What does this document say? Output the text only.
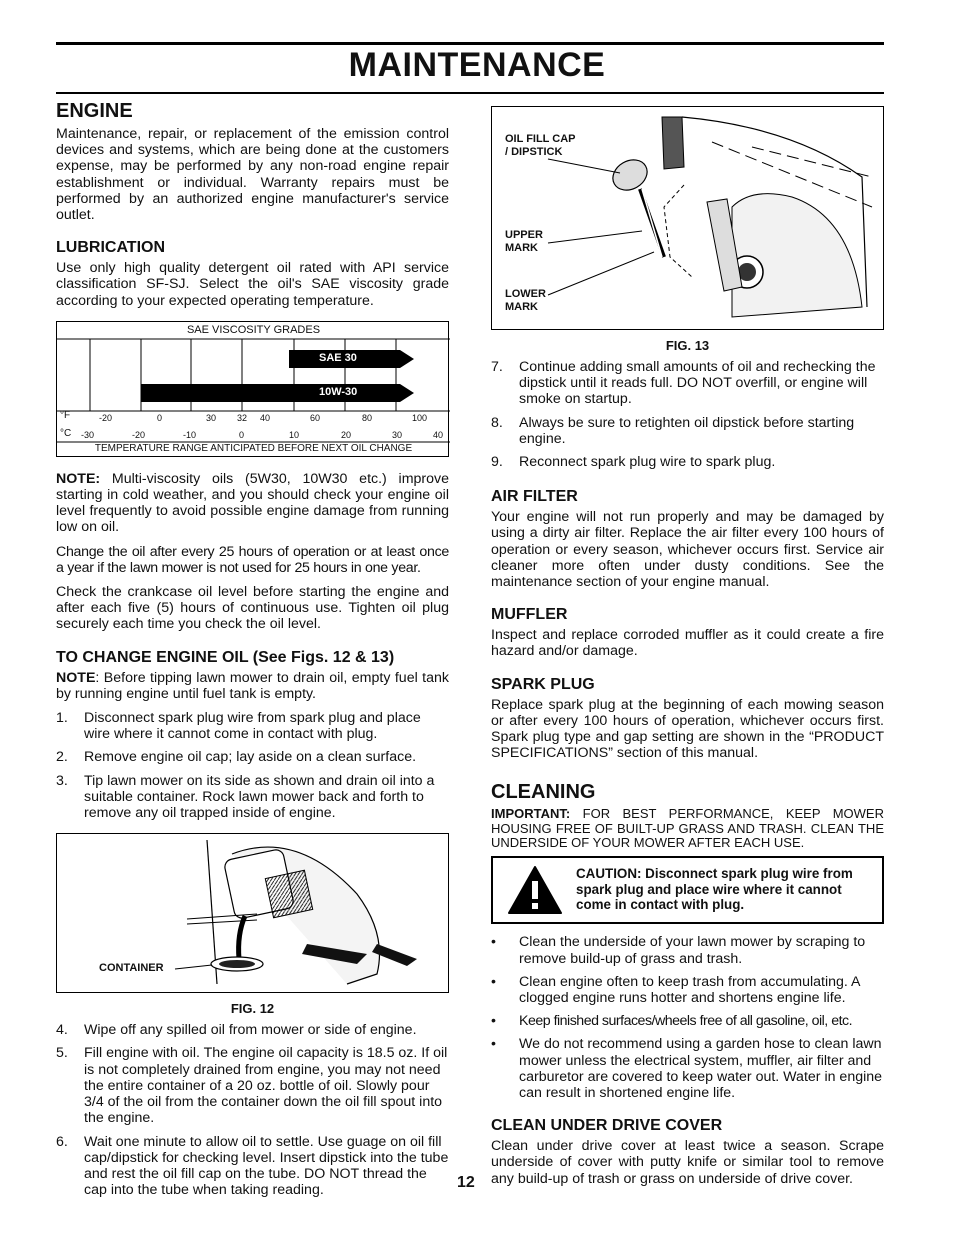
MAINTENANCE
ENGINE

Maintenance, repair, or replacement of the emission control devices and systems, which are being done at the customers expense, may be performed by any non-road engine repair establishment or individual. Warranty repairs must be performed by an authorized engine manufacturer's service outlet.

LUBRICATION

Use only high quality detergent oil rated with API service classification SF-SJ. Select the oil's SAE viscosity grade according to your expected operating temperature.

SAE VISCOSITY GRADES
SAE 30
10W-30
°F
°C
-20	0	30 32 40	60	80	100
-30	-20	-10	0	10	20	30	40
TEMPERATURE RANGE ANTICIPATED BEFORE NEXT OIL CHANGE

NOTE: Multi-viscosity oils (5W30, 10W30 etc.) improve starting in cold weather, and you should check your engine oil level frequently to avoid possible engine damage from running low on oil.

Change the oil after every 25 hours of operation or at least once a year if the lawn mower is not used for 25 hours in one year.

Check the crankcase oil level before starting the engine and after each five (5) hours of continuous use. Tighten oil plug securely each time you check the oil level.

TO CHANGE ENGINE OIL (See Figs. 12 & 13)

NOTE: Before tipping lawn mower to drain oil, empty fuel tank by running engine until fuel tank is empty.

1. Disconnect spark plug wire from spark plug and place wire where it cannot come in contact with plug.
2. Remove engine oil cap; lay aside on a clean surface.
3. Tip lawn mower on its side as shown and drain oil into a suitable container. Rock lawn mower back and forth to remove any oil trapped inside of engine.
CONTAINER
FIG. 12
4. Wipe off any spilled oil from mower or side of engine.
5. Fill engine with oil. The engine oil capacity is 18.5 oz. If oil is not completely drained from engine, you may not need the entire container of a 20 oz. bottle of oil. Slowly pour 3/4 of the oil from the container down the oil fill spout into the engine.
6. Wait one minute to allow oil to settle. Use guage on oil fill cap/dipstick for checking level. Insert dipstick into the tube and rest the oil fill cap on the tube. DO NOT thread the cap into the tube when taking reading.	12
OIL FILL CAP
/ DIPSTICK
UPPER
MARK
LOWER
MARK
FIG. 13
7. Continue adding small amounts of oil and rechecking the dipstick until it reads full. DO NOT overfill, or engine will smoke on startup.
8. Always be sure to retighten oil dipstick before starting engine.
9. Reconnect spark plug wire to spark plug.
AIR FILTER

Your engine will not run properly and may be damaged by using a dirty air filter. Replace the air filter every 100 hours of operation or every season, whichever occurs first. Service air cleaner more often under dusty conditions. See the maintenance section of your engine manual.

MUFFLER

Inspect and replace corroded muffler as it could create a fire hazard and/or damage.

SPARK PLUG

Replace spark plug at the beginning of each mowing season or after every 100 hours of operation, whichever occurs first. Spark plug type and gap setting are shown in the “PRODUCT SPECIFICATIONS” section of this manual.

CLEANING

IMPORTANT: FOR BEST PERFORMANCE, KEEP MOWER HOUSING FREE OF BUILT-UP GRASS AND TRASH. CLEAN THE UNDERSIDE OF YOUR MOWER AFTER EACH USE.

CAUTION: Disconnect spark plug wire from spark plug and place wire where it cannot come in contact with plug.
• Clean the underside of your lawn mower by scraping to remove build-up of grass and trash.
• Clean engine often to keep trash from accumulating. A clogged engine runs hotter and shortens engine life.
• Keep finished surfaces/wheels free of all gasoline, oil, etc.
• We do not recommend using a garden hose to clean lawn mower unless the electrical system, muffler, air filter and carburetor are covered to keep water out. Water in engine can result in shortened engine life.
CLEAN UNDER DRIVE COVER

Clean under drive cover at least twice a season. Scrape underside of cover with putty knife or similar tool to remove any build-up of trash or grass on underside of drive cover.
